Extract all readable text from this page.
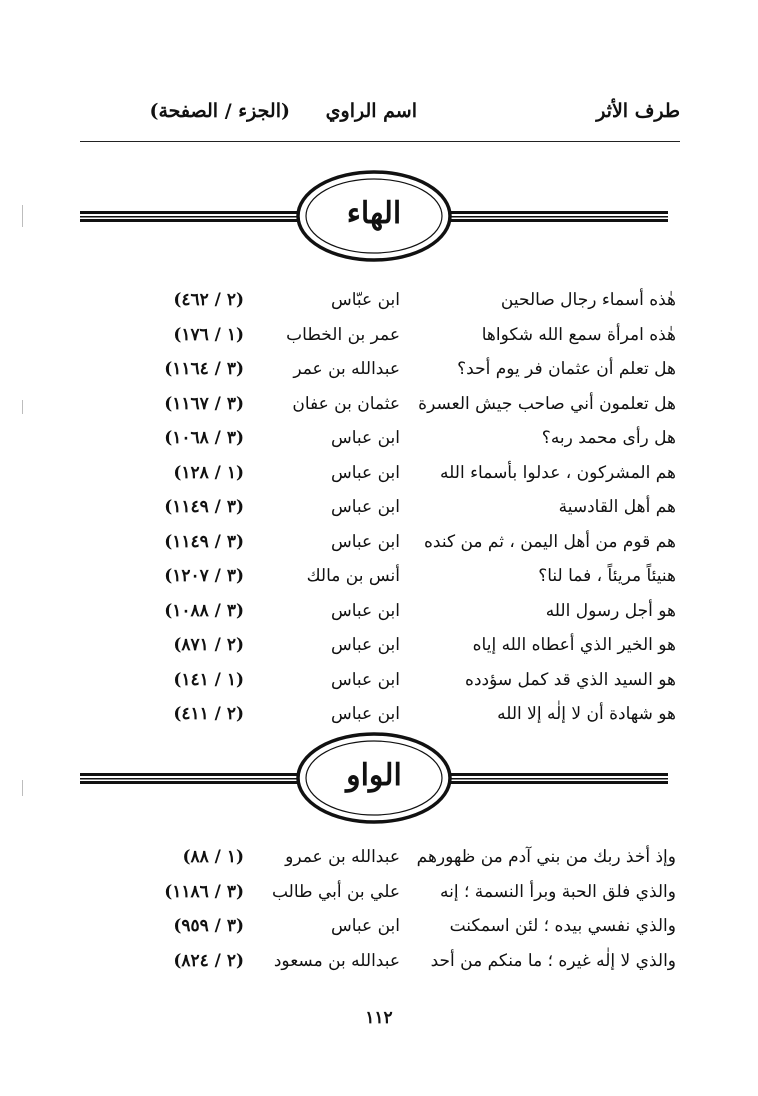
طرف الأثر
اسم الراوي
(الجزء / الصفحة)
الهاء
هٰذه أسماء رجال صالحين
ابن عبّاس
(٢ / ٤٦٢)
هٰذه امرأة سمع الله شكواها
عمر بن الخطاب
(١ / ١٧٦)
هل تعلم أن عثمان فر يوم أحد؟
عبدالله بن عمر
(٣ / ١١٦٤)
هل تعلمون أني صاحب جيش العسرة
عثمان بن عفان
(٣ / ١١٦٧)
هل رأى محمد ربه؟
ابن عباس
(٣ / ١٠٦٨)
هم المشركون ، عدلوا بأسماء الله
ابن عباس
(١ / ١٢٨)
هم أهل القادسية
ابن عباس
(٣ / ١١٤٩)
هم قوم من أهل اليمن ، ثم من كنده
ابن عباس
(٣ / ١١٤٩)
هنيئاً مريئاً ، فما لنا؟
أنس بن مالك
(٣ / ١٢٠٧)
هو أجل رسول الله
ابن عباس
(٣ / ١٠٨٨)
هو الخير الذي أعطاه الله إياه
ابن عباس
(٢ / ٨٧١)
هو السيد الذي قد كمل سؤدده
ابن عباس
(١ / ١٤١)
هو شهادة أن لا إلٰه إلا الله
ابن عباس
(٢ / ٤١١)
الواو
وإذ أخذ ربك من بني آدم من ظهورهم
عبدالله بن عمرو
(١ / ٨٨)
والذي فلق الحبة وبرأ النسمة ؛ إنه
علي بن أبي طالب
(٣ / ١١٨٦)
والذي نفسي بيده ؛ لئن اسمكنت
ابن عباس
(٣ / ٩٥٩)
والذي لا إلٰه غيره ؛ ما منكم من أحد
عبدالله بن مسعود
(٢ / ٨٢٤)
١١٢
